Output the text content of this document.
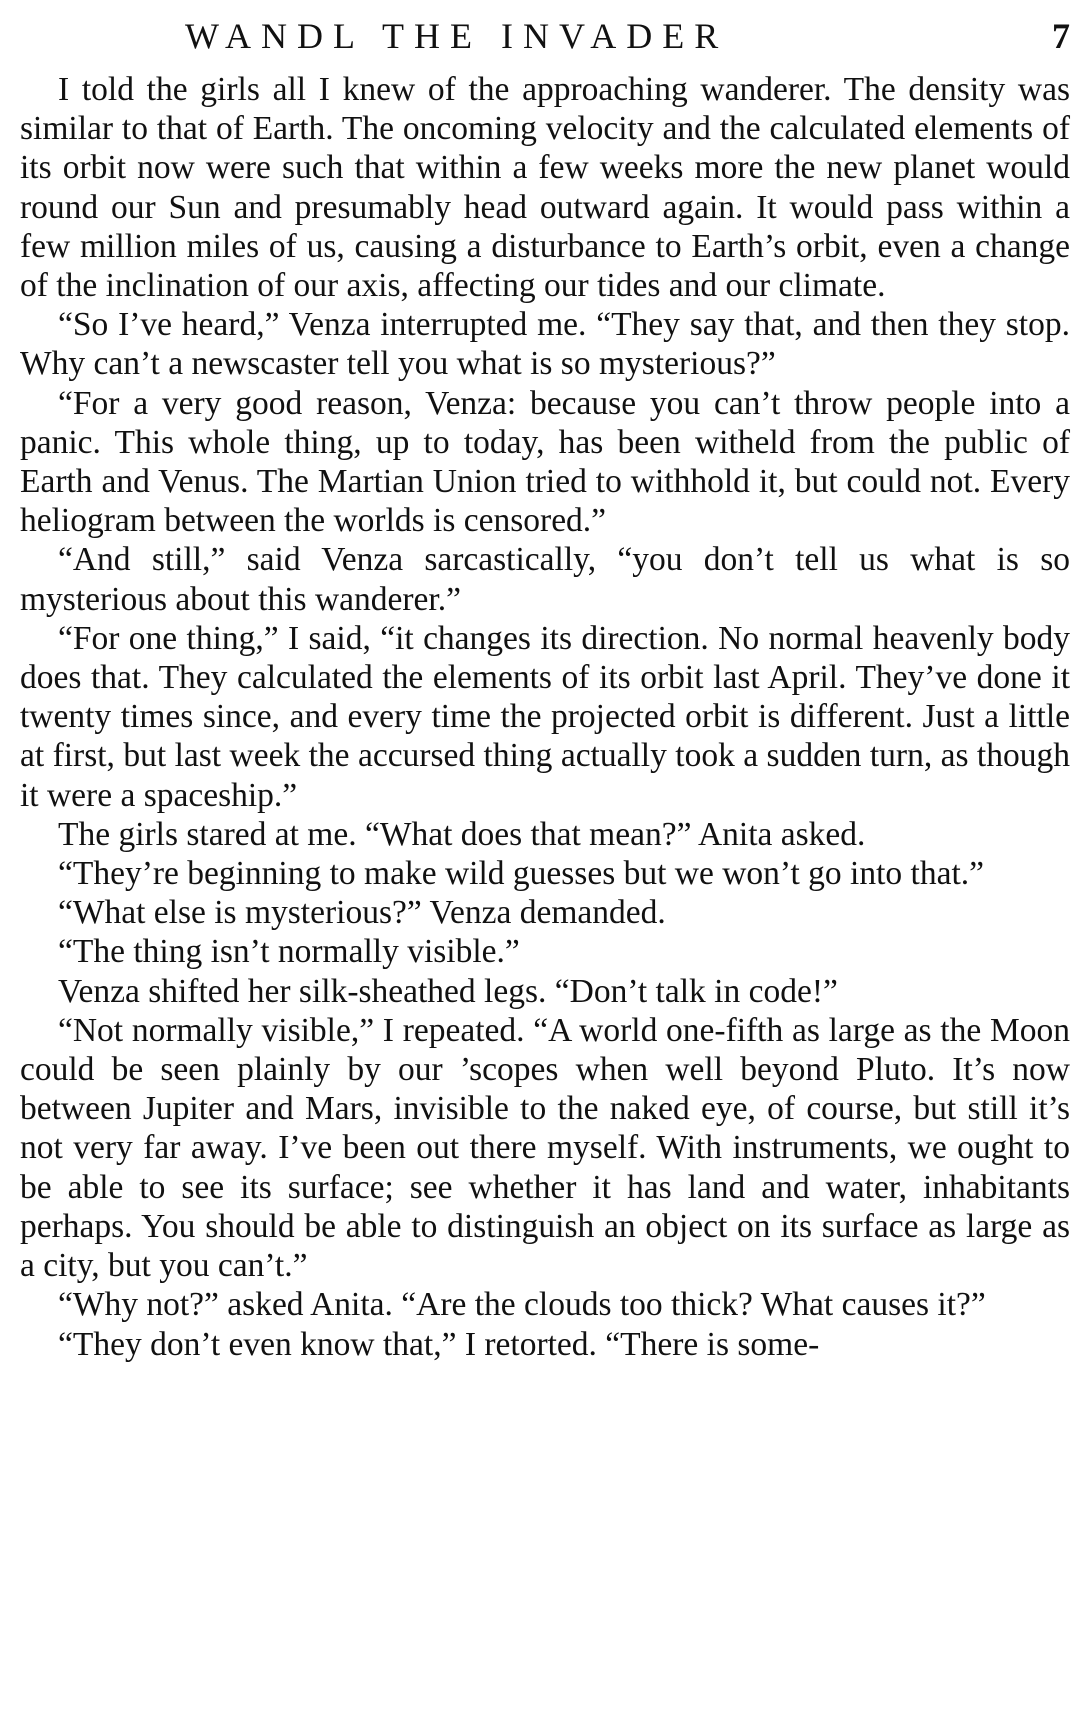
WANDL THE INVADER	7

I told the girls all I knew of the approaching wanderer. The density was similar to that of Earth. The oncoming velocity and the calculated elements of its orbit now were such that within a few weeks more the new planet would round our Sun and presumably head outward again. It would pass within a few million miles of us, causing a disturbance to Earth’s orbit, even a change of the inclination of our axis, affecting our tides and our climate.

“So I’ve heard,” Venza interrupted me. “They say that, and then they stop. Why can’t a newscaster tell you what is so mysterious?”

“For a very good reason, Venza: because you can’t throw people into a panic. This whole thing, up to today, has been witheld from the public of Earth and Venus. The Martian Union tried to withhold it, but could not. Every heliogram between the worlds is censored.”

“And still,” said Venza sarcastically, “you don’t tell us what is so mysterious about this wanderer.”

“For one thing,” I said, “it changes its direction. No normal heavenly body does that. They calculated the elements of its orbit last April. They’ve done it twenty times since, and every time the projected orbit is different. Just a little at first, but last week the accursed thing actually took a sudden turn, as though it were a spaceship.”

The girls stared at me. “What does that mean?” Anita asked.

“They’re beginning to make wild guesses but we won’t go into that.”

“What else is mysterious?” Venza demanded.

“The thing isn’t normally visible.”

Venza shifted her silk-sheathed legs. “Don’t talk in code!”

“Not normally visible,” I repeated. “A world one-fifth as large as the Moon could be seen plainly by our ’scopes when well beyond Pluto. It’s now between Jupiter and Mars, invisible to the naked eye, of course, but still it’s not very far away. I’ve been out there myself. With instruments, we ought to be able to see its surface; see whether it has land and water, inhabitants perhaps. You should be able to distinguish an object on its surface as large as a city, but you can’t.”

“Why not?” asked Anita. “Are the clouds too thick? What causes it?”

“They don’t even know that,” I retorted. “There is some-
